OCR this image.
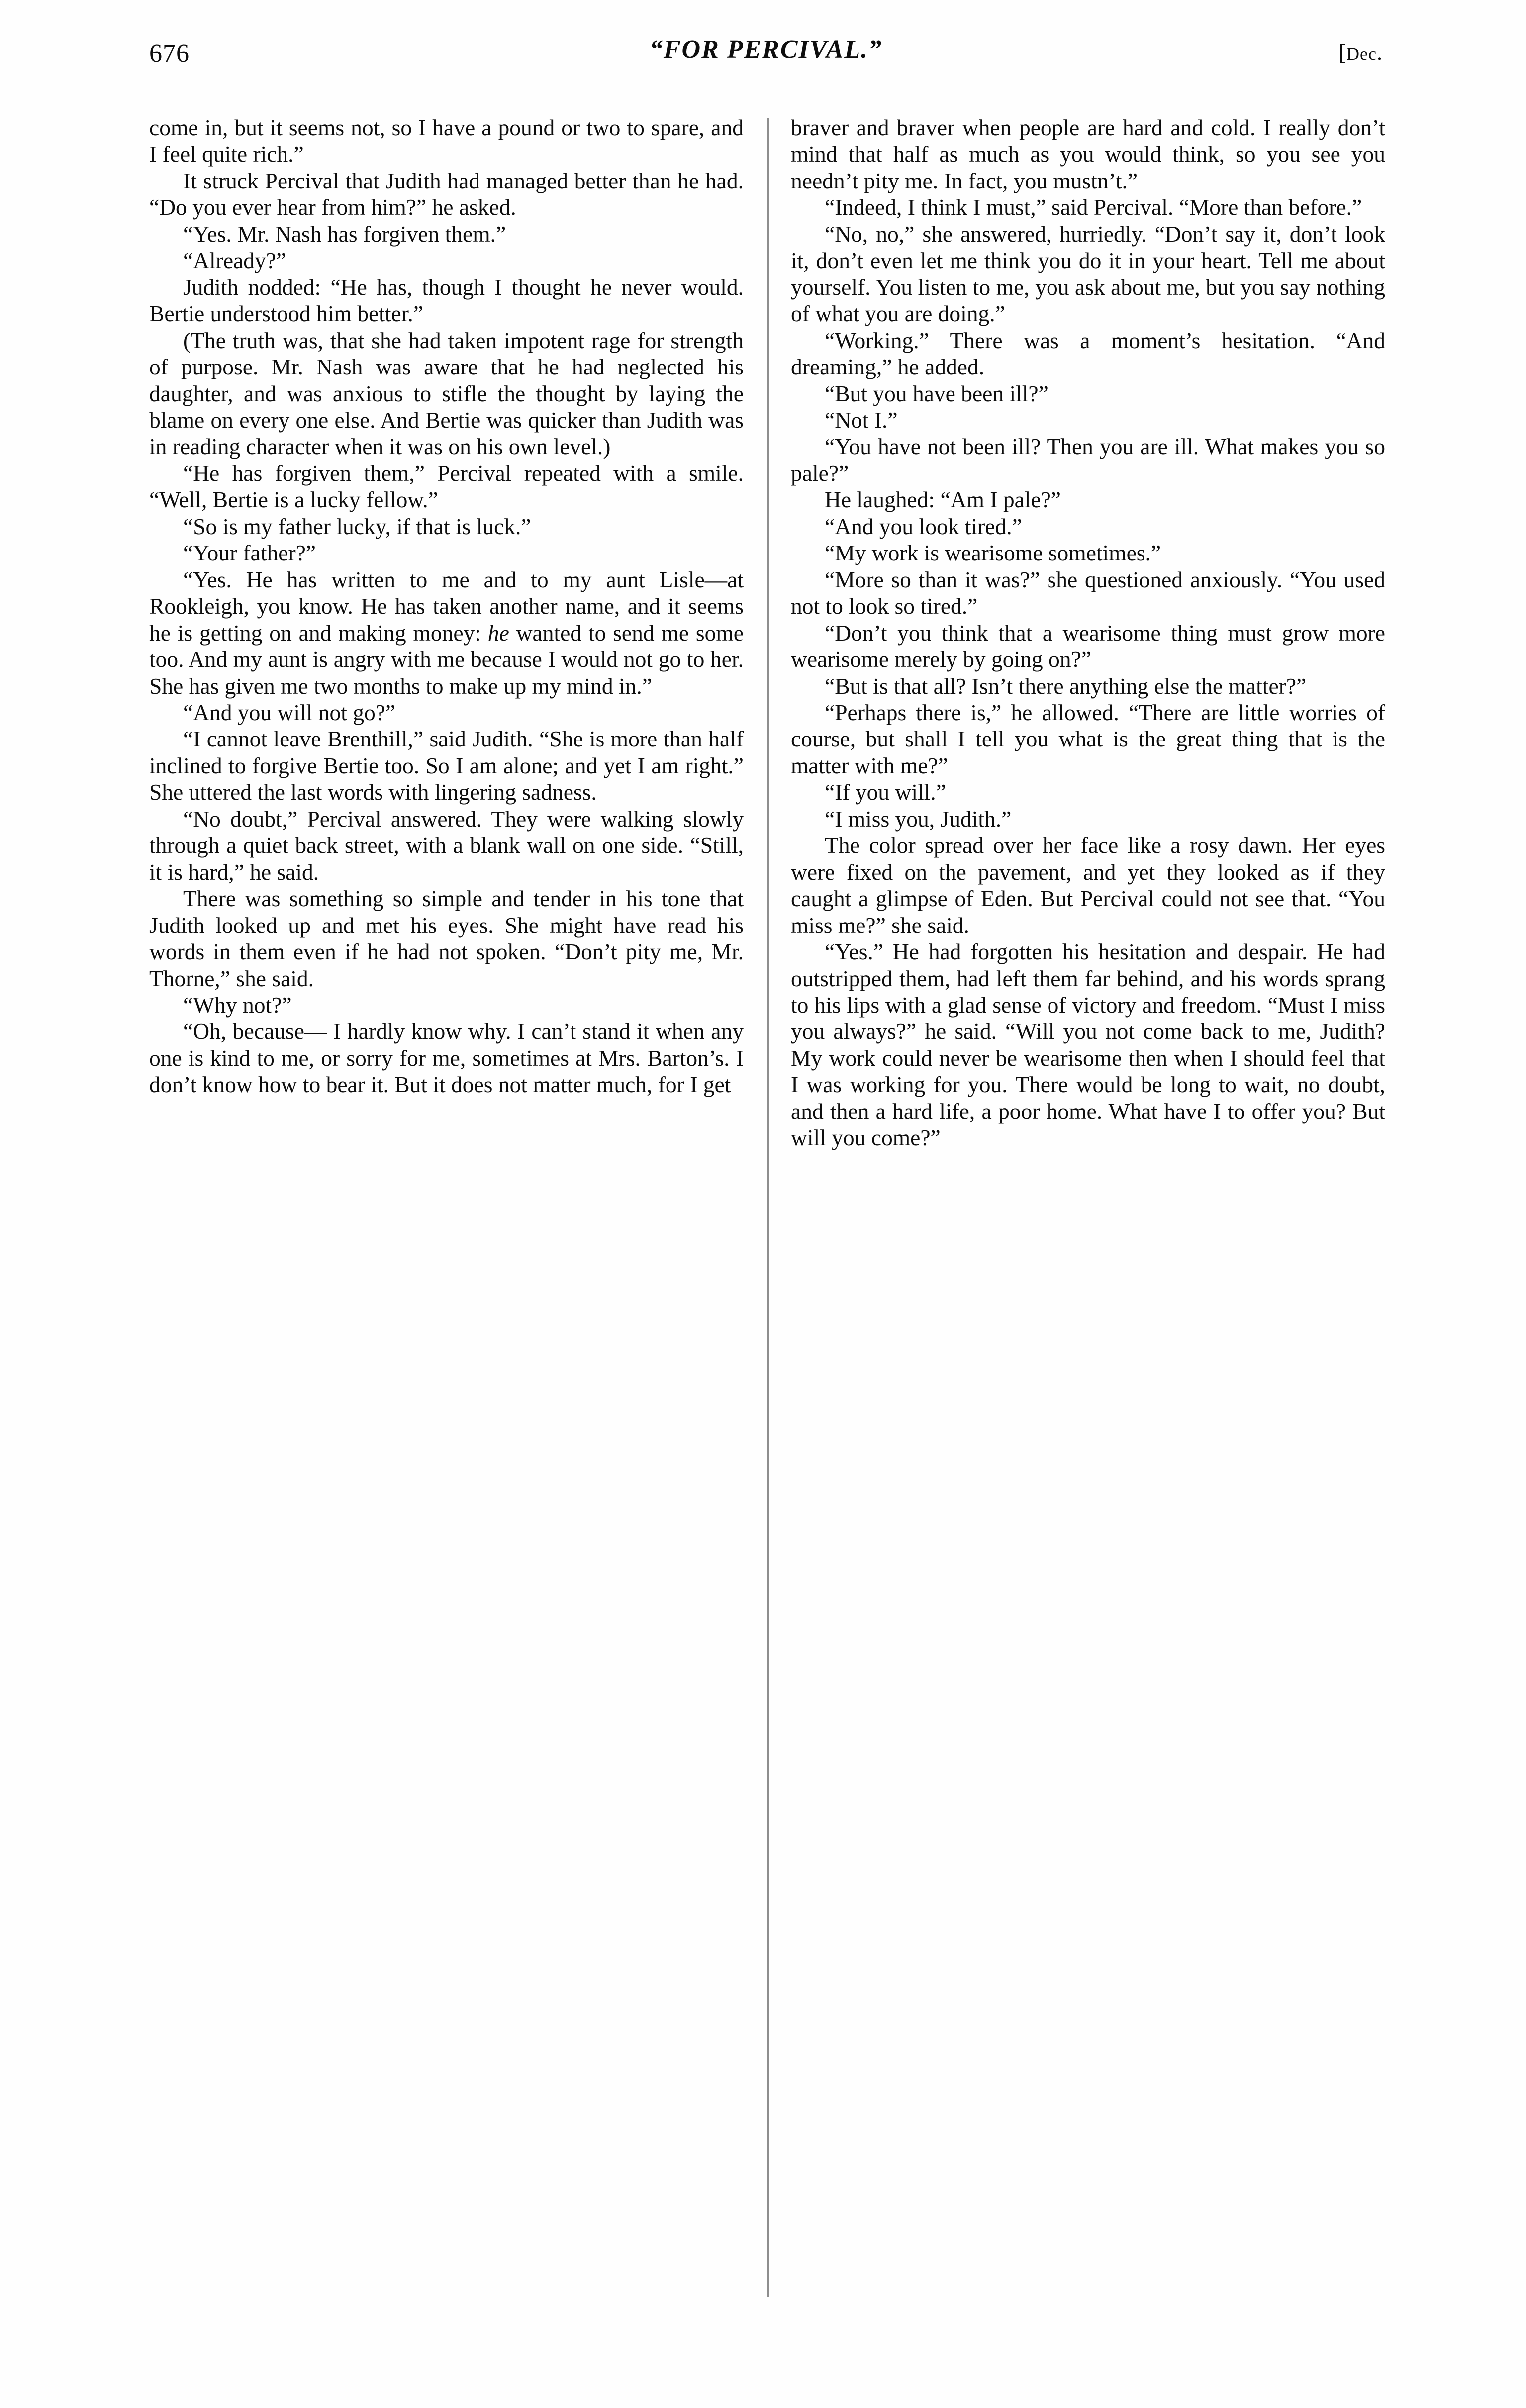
676	“FOR PERCIVAL.”	[Dec.

come in, but it seems not, so I have a pound or two to spare, and I feel quite rich.”

It struck Percival that Judith had managed better than he had. “Do you ever hear from him?” he asked.

“Yes. Mr. Nash has forgiven them.”

“Already?”

Judith nodded: “He has, though I thought he never would. Bertie understood him better.”

(The truth was, that she had taken impotent rage for strength of purpose. Mr. Nash was aware that he had neglected his daughter, and was anxious to stifle the thought by laying the blame on every one else. And Bertie was quicker than Judith was in reading character when it was on his own level.)

“He has forgiven them,” Percival repeated with a smile. “Well, Bertie is a lucky fellow.”

“So is my father lucky, if that is luck.”

“Your father?”

“Yes. He has written to me and to my aunt Lisle—at Rookleigh, you know. He has taken another name, and it seems he is getting on and making money: he wanted to send me some too. And my aunt is angry with me because I would not go to her. She has given me two months to make up my mind in.”

“And you will not go?”

“I cannot leave Brenthill,” said Judith. “She is more than half inclined to forgive Bertie too. So I am alone; and yet I am right.” She uttered the last words with lingering sadness.

“No doubt,” Percival answered. They were walking slowly through a quiet back street, with a blank wall on one side. “Still, it is hard,” he said.

There was something so simple and tender in his tone that Judith looked up and met his eyes. She might have read his words in them even if he had not spoken. “Don’t pity me, Mr. Thorne,” she said.

“Why not?”

“Oh, because— I hardly know why. I can’t stand it when any one is kind to me, or sorry for me, sometimes at Mrs. Barton’s. I don’t know how to bear it. But it does not matter much, for I get

braver and braver when people are hard and cold. I really don’t mind that half as much as you would think, so you see you needn’t pity me. In fact, you mustn’t.”

“Indeed, I think I must,” said Percival. “More than before.”

“No, no,” she answered, hurriedly. “Don’t say it, don’t look it, don’t even let me think you do it in your heart. Tell me about yourself. You listen to me, you ask about me, but you say nothing of what you are doing.”

“Working.” There was a moment’s hesitation. “And dreaming,” he added.

“But you have been ill?”

“Not I.”

“You have not been ill? Then you are ill. What makes you so pale?”

He laughed: “Am I pale?”

“And you look tired.”

“My work is wearisome sometimes.”

“More so than it was?” she questioned anxiously. “You used not to look so tired.”

“Don’t you think that a wearisome thing must grow more wearisome merely by going on?”

“But is that all? Isn’t there anything else the matter?”

“Perhaps there is,” he allowed. “There are little worries of course, but shall I tell you what is the great thing that is the matter with me?”

“If you will.”

“I miss you, Judith.”

The color spread over her face like a rosy dawn. Her eyes were fixed on the pavement, and yet they looked as if they caught a glimpse of Eden. But Percival could not see that. “You miss me?” she said.

“Yes.” He had forgotten his hesitation and despair. He had outstripped them, had left them far behind, and his words sprang to his lips with a glad sense of victory and freedom. “Must I miss you always?” he said. “Will you not come back to me, Judith? My work could never be wearisome then when I should feel that I was working for you. There would be long to wait, no doubt, and then a hard life, a poor home. What have I to offer you? But will you come?”
